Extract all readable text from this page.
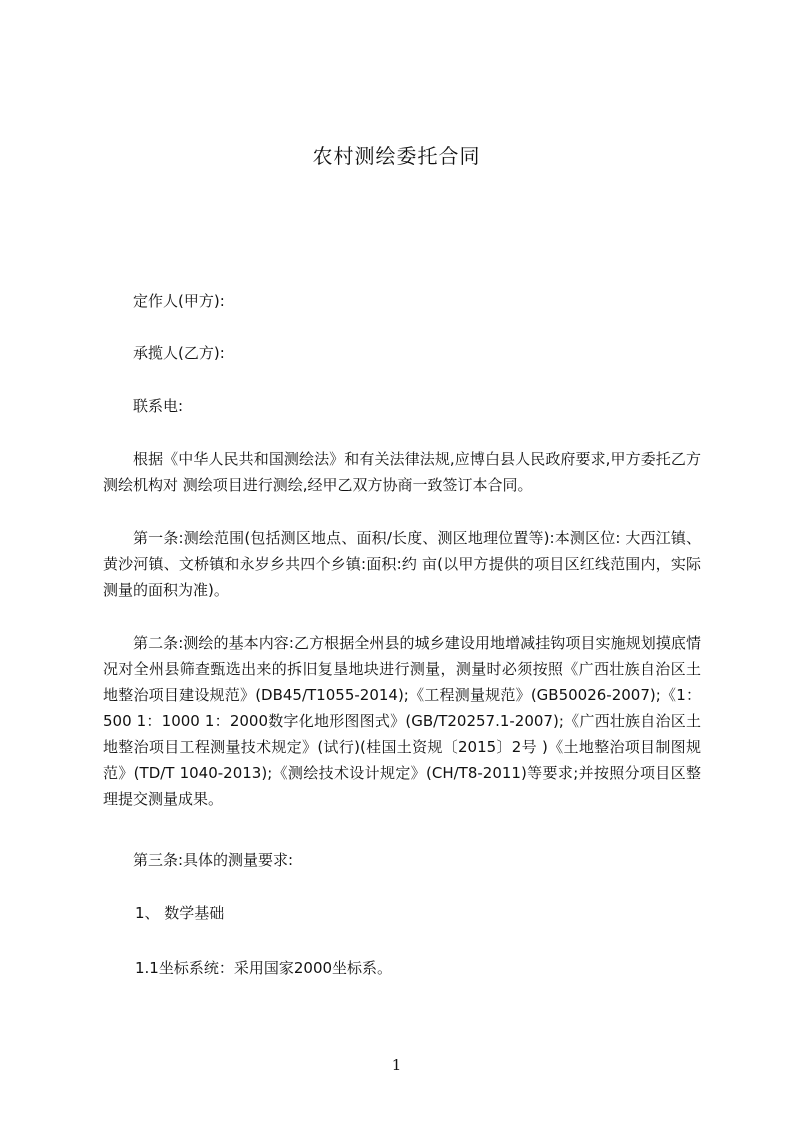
农村测绘委托合同

定作人(甲方):

承揽人(乙方):

联系电:

根据《中华人民共和国测绘法》和有关法律法规,应博白县人民政府要求,甲方委托乙方测绘机构对 测绘项目进行测绘,经甲乙双方协商一致签订本合同。

第一条:测绘范围(包括测区地点、面积/长度、测区地理位置等):本测区位: 大西江镇、黄沙河镇、文桥镇和永岁乡共四个乡镇:面积:约 亩(以甲方提供的项目区红线范围内，实际测量的面积为准)。

第二条:测绘的基本内容:乙方根据全州县的城乡建设用地增减挂钩项目实施规划摸底情况对全州县筛查甄选出来的拆旧复垦地块进行测量，测量时必须按照《广西壮族自治区土地整治项目建设规范》(DB45/T1055-2014);《工程测量规范》(GB50026-2007);《1：500 1：1000 1：2000数字化地形图图式》(GB/T20257.1-2007);《广西壮族自治区土地整治项目工程测量技术规定》(试行)(桂国土资规〔2015〕2号 )《土地整治项目制图规范》(TD/T 1040-2013);《测绘技术设计规定》(CH/T8-2011)等要求;并按照分项目区整理提交测量成果。

第三条:具体的测量要求:

1、 数学基础

1.1坐标系统：采用国家2000坐标系。

1
